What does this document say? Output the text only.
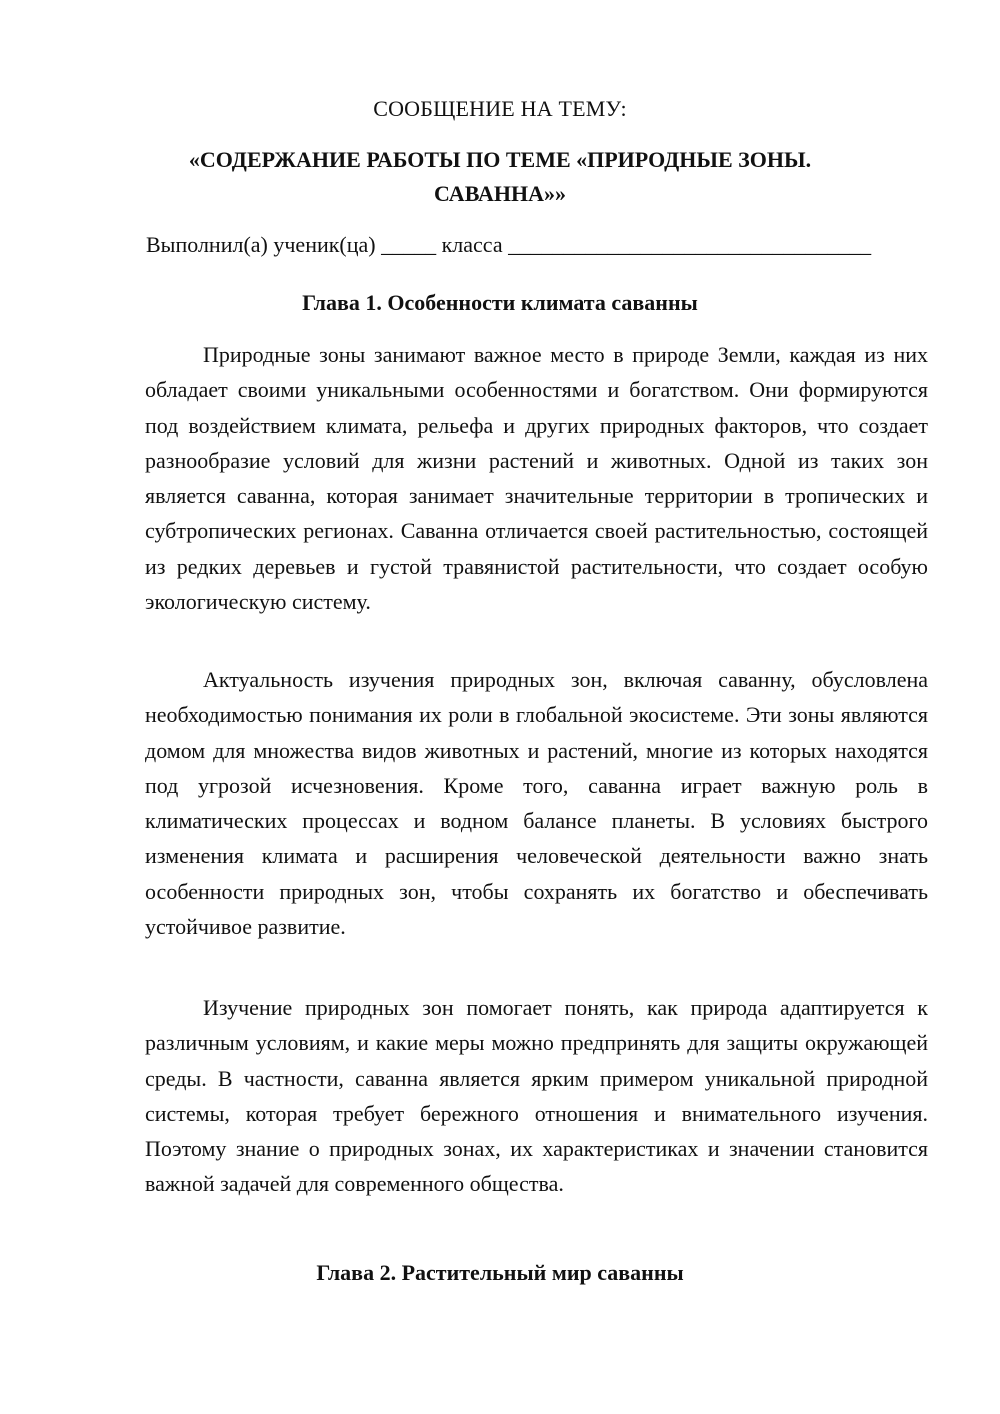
СООБЩЕНИЕ НА ТЕМУ:
«СОДЕРЖАНИЕ РАБОТЫ ПО ТЕМЕ «ПРИРОДНЫЕ ЗОНЫ.
САВАННА»»
Выполнил(а) ученик(ца) _____ класса _________________________________
Глава 1. Особенности климата саванны

Природные зоны занимают важное место в природе Земли, каждая из них обладает своими уникальными особенностями и богатством. Они формируются под воздействием климата, рельефа и других природных факторов, что создает разнообразие условий для жизни растений и животных. Одной из таких зон является саванна, которая занимает значительные территории в тропических и субтропических регионах. Саванна отличается своей растительностью, состоящей из редких деревьев и густой травянистой растительности, что создает особую экологическую систему.

Актуальность изучения природных зон, включая саванну, обусловлена необходимостью понимания их роли в глобальной экосистеме. Эти зоны являются домом для множества видов животных и растений, многие из которых находятся под угрозой исчезновения. Кроме того, саванна играет важную роль в климатических процессах и водном балансе планеты. В условиях быстрого изменения климата и расширения человеческой деятельности важно знать особенности природных зон, чтобы сохранять их богатство и обеспечивать устойчивое развитие.

Изучение природных зон помогает понять, как природа адаптируется к различным условиям, и какие меры можно предпринять для защиты окружающей среды. В частности, саванна является ярким примером уникальной природной системы, которая требует бережного отношения и внимательного изучения. Поэтому знание о природных зонах, их характеристиках и значении становится важной задачей для современного общества.

Глава 2. Растительный мир саванны
